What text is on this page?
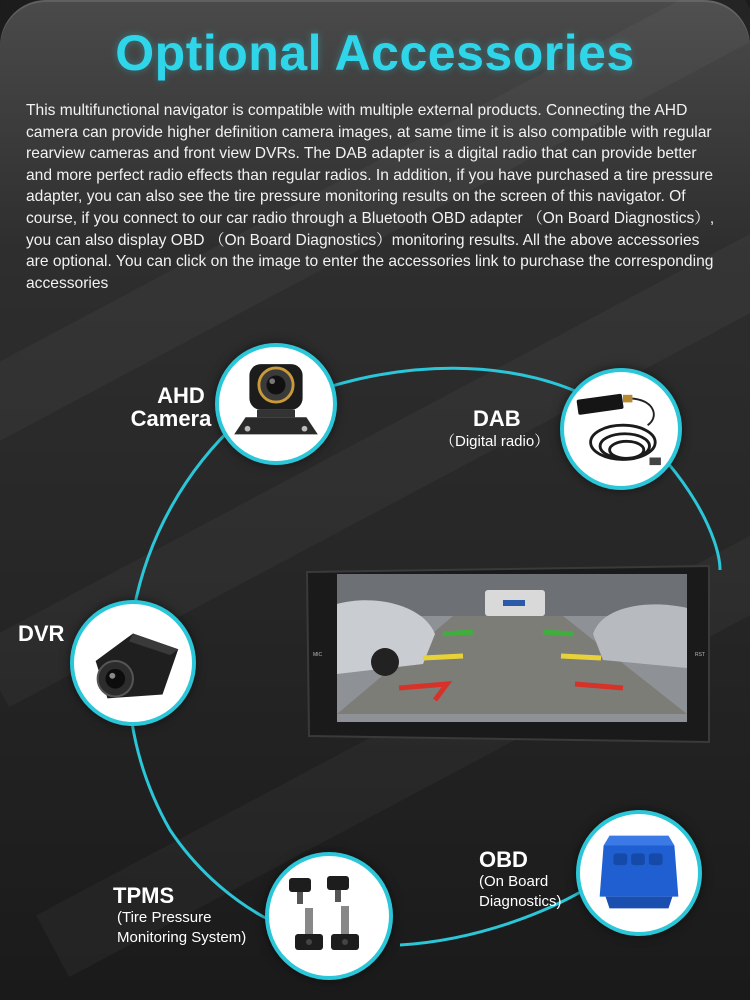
Optional Accessories
This multifunctional navigator is compatible with multiple external products. Connecting the AHD camera can provide higher definition camera images, at same time it is also compatible with regular rearview cameras and front view DVRs. The DAB adapter is a digital radio that can provide better and more perfect radio effects than regular radios. In addition, if you have purchased a tire pressure adapter, you can also see the tire pressure monitoring results on the screen of this navigator. Of course, if you connect to our car radio through a Bluetooth OBD adapter （On Board Diagnostics）, you can also display OBD （On Board Diagnostics）monitoring results. All the above accessories are optional. You can click on the image to enter the accessories link to purchase the corresponding accessories
AHD
Camera	DAB
（Digital radio）
DVR
MIC	RST
OBD
(On Board
Diagnostics)
TPMS
(Tire Pressure
Monitoring System)
